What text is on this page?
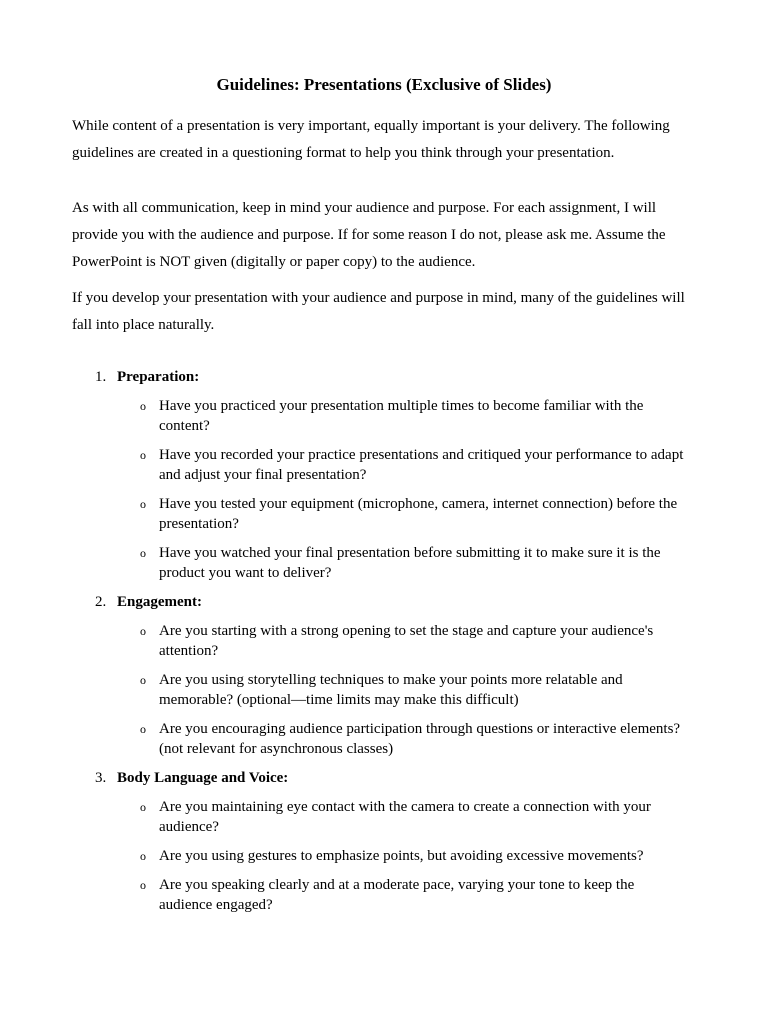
Guidelines: Presentations (Exclusive of Slides)

While content of a presentation is very important, equally important is your delivery. The following guidelines are created in a questioning format to help you think through your presentation.

As with all communication, keep in mind your audience and purpose. For each assignment, I will provide you with the audience and purpose. If for some reason I do not, please ask me. Assume the PowerPoint is NOT given (digitally or paper copy) to the audience.

If you develop your presentation with your audience and purpose in mind, many of the guidelines will fall into place naturally.

1. Preparation:
o Have you practiced your presentation multiple times to become familiar with the content?
o Have you recorded your practice presentations and critiqued your performance to adapt and adjust your final presentation?
o Have you tested your equipment (microphone, camera, internet connection) before the presentation?
o Have you watched your final presentation before submitting it to make sure it is the product you want to deliver?
2. Engagement:
o Are you starting with a strong opening to set the stage and capture your audience's attention?
o Are you using storytelling techniques to make your points more relatable and memorable? (optional—time limits may make this difficult)
o Are you encouraging audience participation through questions or interactive elements? (not relevant for asynchronous classes)
3. Body Language and Voice:
o Are you maintaining eye contact with the camera to create a connection with your audience?
o Are you using gestures to emphasize points, but avoiding excessive movements?
o Are you speaking clearly and at a moderate pace, varying your tone to keep the audience engaged?
